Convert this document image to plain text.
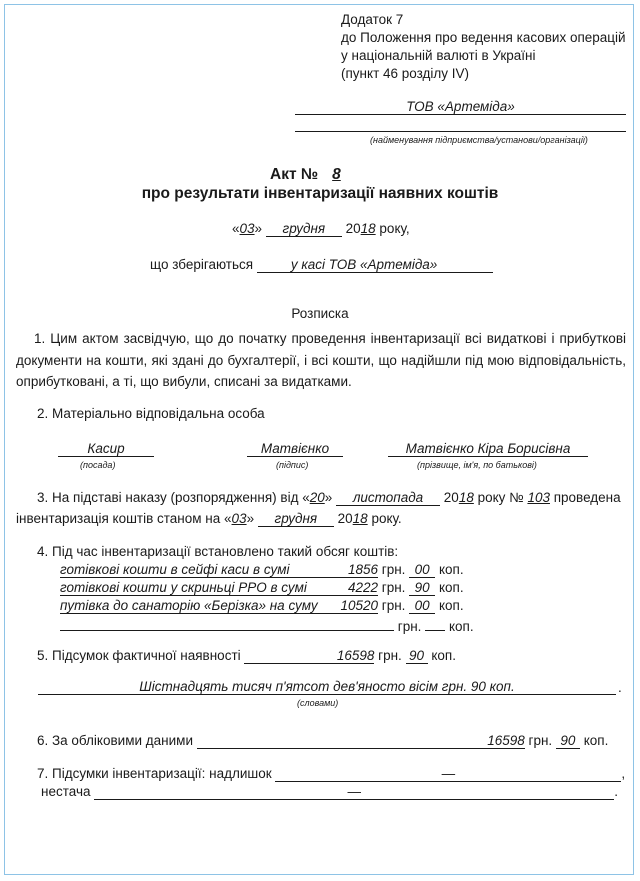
Додаток 7
до Положення про ведення касових операцій
у національній валюті в Україні
(пункт 46 розділу IV)
ТОВ «Артеміда»
(найменування підприємства/установи/організації)
Акт № 8
про результати інвентаризації наявних коштів
«03» грудня 2018 року,
що зберігаються	у касі ТОВ «Артеміда»
Розписка
1. Цим актом засвідчую, що до початку проведення інвентаризації всі видаткові і прибуткові документи на кошти, які здані до бухгалтерії, і всі кошти, що надійшли під мою відповідальність, оприбутковані, а ті, що вибули, списані за видатками.
2. Матеріально відповідальна особа
Касир
(посада)
Матвієнко
(підпис)
Матвієнко Кіра Борисівна
(прізвище, ім'я, по батькові)
3. На підставі наказу (розпорядження) від «20» листопада 2018 року № 103 проведена
інвентаризація коштів станом на «03» грудня 2018 року.
4. Під час інвентаризації встановлено такий обсяг коштів:
готівкові кошти в сейфі каси в сумі	1856 грн. 00 коп.
готівкові кошти у скриньці РРО в сумі	4222 грн. 90 коп.
путівка до санаторію «Берізка» на суму 10520 грн. 00 коп.
грн. коп.
5. Підсумок фактичної наявності	16598 грн. 90 коп.
Шістнадцять тисяч п'ятсот дев'яносто вісім грн. 90 коп.	.
(словами)
6. За обліковими даними	16598 грн. 90 коп.
7. Підсумки інвентаризації: надлишок	—	,
нестача	—	.
